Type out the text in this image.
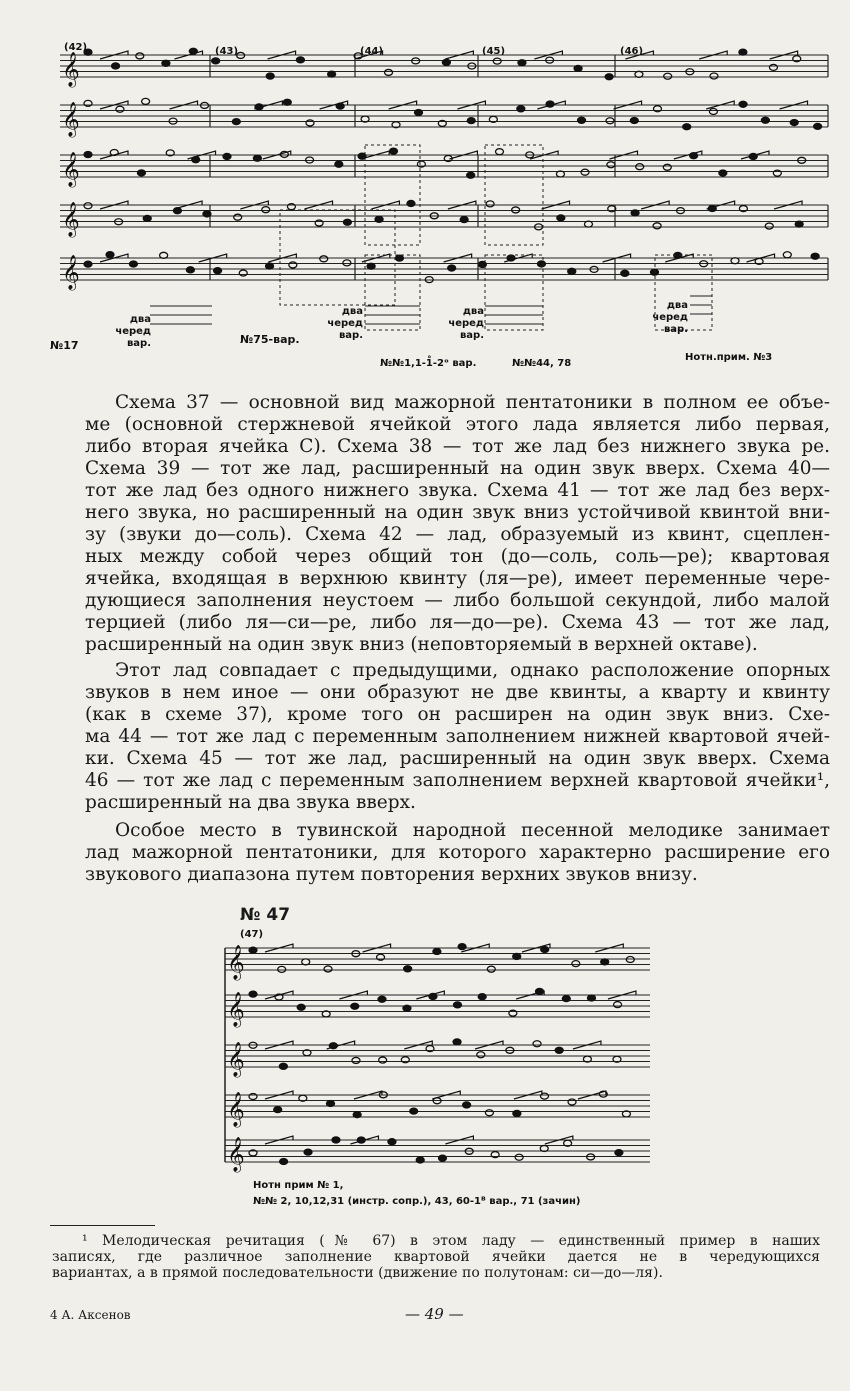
𝄞
𝄞
𝄞
𝄞
𝄞
𝄞
𝄞
𝄞
𝄞
𝄞
(42)	(43)	(44)	(45)	(46)
№17
два
черед
вар.	№75-вар.
два
черед
вар.
№№1,1-1̊-2ᵒ вар.
два
черед
вар.
№№44, 78
два
черед
вар.
Нотн.прим. №3
Схема 37 — основной вид мажорной пентатоники в полном ее объе-
ме (основной стержневой ячейкой этого лада является либо первая,
либо вторая ячейка С). Схема 38 — тот же лад без нижнего звука ре.
Схема 39 — тот же лад, расширенный на один звук вверх. Схема 40—
тот же лад без одного нижнего звука. Схема 41 — тот же лад без верх-
него звука, но расширенный на один звук вниз устойчивой квинтой вни-
зу (звуки до—соль). Схема 42 — лад, образуемый из квинт, сцеплен-
ных между собой через общий тон (до—соль, соль—ре); квартовая
ячейка, входящая в верхнюю квинту (ля—ре), имеет переменные чере-
дующиеся заполнения неустоем — либо большой секундой, либо малой
терцией (либо ля—си—ре, либо ля—до—ре). Схема 43 — тот же лад,
расширенный на один звук вниз (неповторяемый в верхней октаве).
Этот лад совпадает с предыдущими, однако расположение опорных
звуков в нем иное — они образуют не две квинты, а кварту и квинту
(как в схеме 37), кроме того он расширен на один звук вниз. Схе-
ма 44 — тот же лад с переменным заполнением нижней квартовой ячей-
ки. Схема 45 — тот же лад, расширенный на один звук вверх. Схема
46 — тот же лад с переменным заполнением верхней квартовой ячейки¹,
расширенный на два звука вверх.
Особое место в тувинской народной песенной мелодике занимает
лад мажорной пентатоники, для которого характерно расширение его
звукового диапазона путем повторения верхних звуков внизу.
№ 47
(47)
Нотн прим № 1,
№№ 2, 10,12,31 (инстр. сопр.), 43, 60-1ᴮ вар., 71 (зачин)
¹ Мелодическая речитация (№ 67) в этом ладу — единственный пример в наших
записях, где различное заполнение квартовой ячейки дается не в чередующихся
вариантах, а в прямой последовательности (движение по полутонам: си—до—ля).
4 А. Аксенов	— 49 —
